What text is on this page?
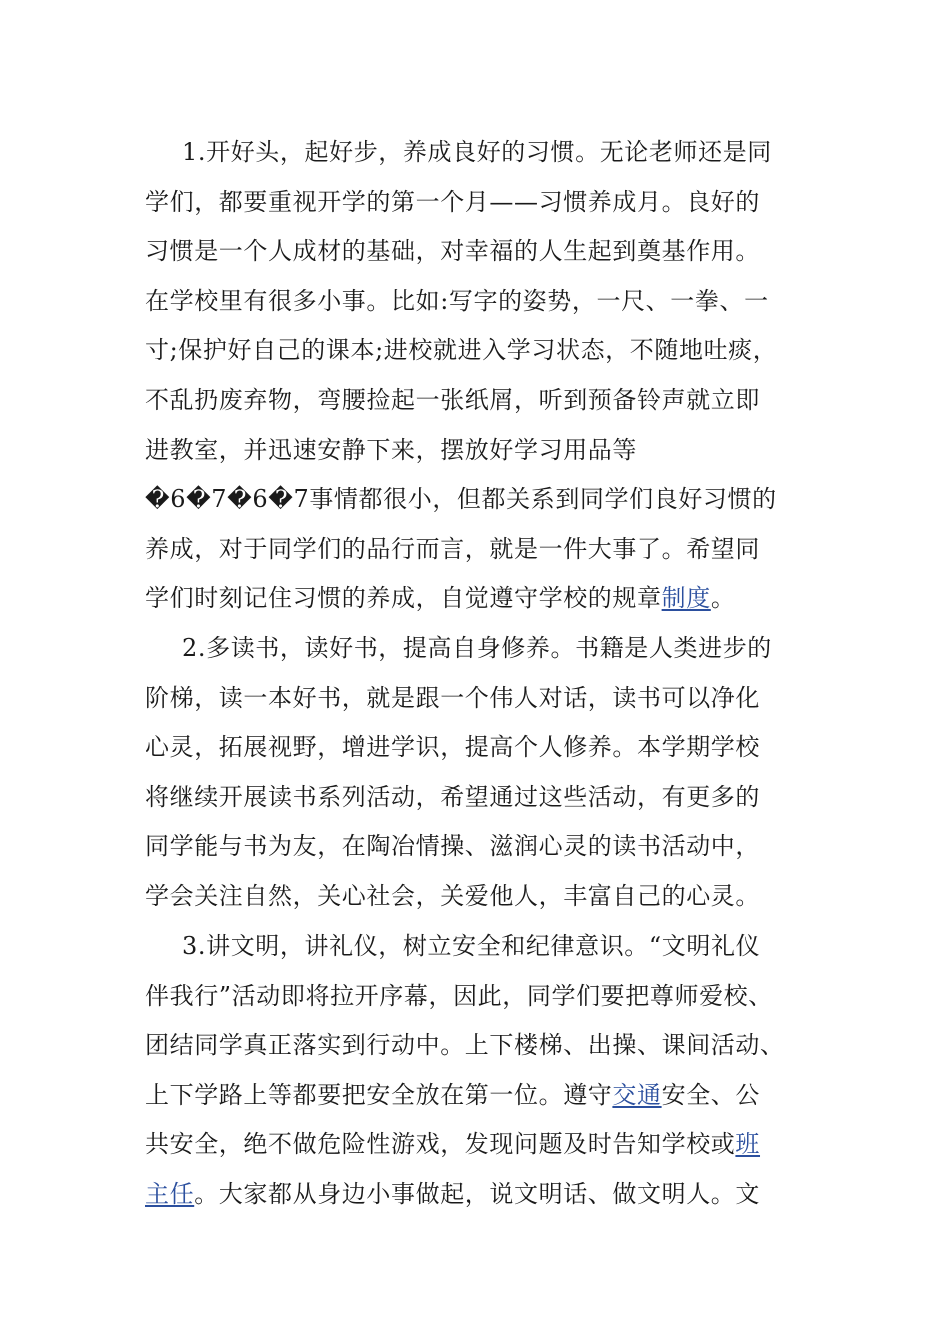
1.开好头，起好步，养成良好的习惯。无论老师还是同
学们，都要重视开学的第一个月——习惯养成月。良好的
习惯是一个人成材的基础，对幸福的人生起到奠基作用。
在学校里有很多小事。比如:写字的姿势，一尺、一拳、一
寸;保护好自己的课本;进校就进入学习状态，不随地吐痰，
不乱扔废弃物，弯腰捡起一张纸屑，听到预备铃声就立即
进教室，并迅速安静下来，摆放好学习用品等
�6�7�6�7事情都很小，但都关系到同学们良好习惯的
养成，对于同学们的品行而言，就是一件大事了。希望同
学们时刻记住习惯的养成，自觉遵守学校的规章制度。
2.多读书，读好书，提高自身修养。书籍是人类进步的
阶梯，读一本好书，就是跟一个伟人对话，读书可以净化
心灵，拓展视野，增进学识，提高个人修养。本学期学校
将继续开展读书系列活动，希望通过这些活动，有更多的
同学能与书为友，在陶冶情操、滋润心灵的读书活动中，
学会关注自然，关心社会，关爱他人，丰富自己的心灵。
3.讲文明，讲礼仪，树立安全和纪律意识。“文明礼仪
伴我行”活动即将拉开序幕，因此，同学们要把尊师爱校、
团结同学真正落实到行动中。上下楼梯、出操、课间活动、
上下学路上等都要把安全放在第一位。遵守交通安全、公
共安全，绝不做危险性游戏，发现问题及时告知学校或班
主任。大家都从身边小事做起，说文明话、做文明人。文
